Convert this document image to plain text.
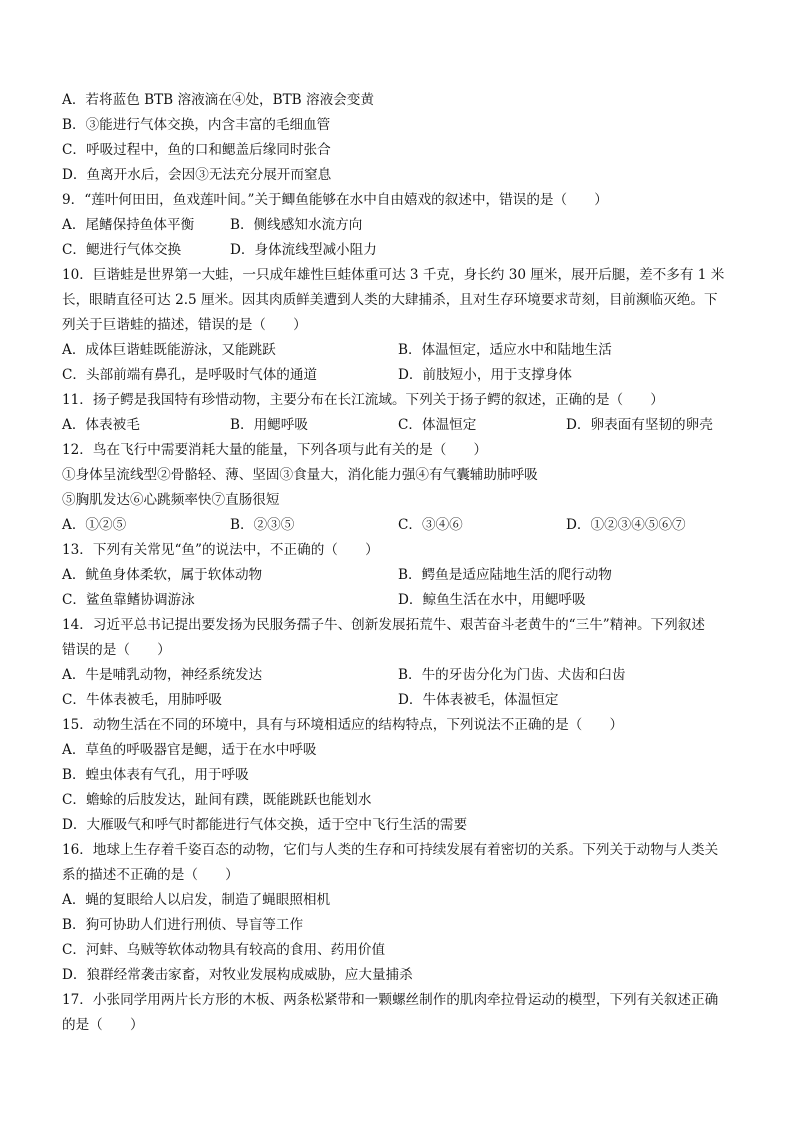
A．若将蓝色 BTB 溶液滴在④处，BTB 溶液会变黄
B．③能进行气体交换，内含丰富的毛细血管
C．呼吸过程中，鱼的口和鳃盖后缘同时张合
D．鱼离开水后，会因③无法充分展开而窒息
9．“莲叶何田田，鱼戏莲叶间。”关于鲫鱼能够在水中自由嬉戏的叙述中，错误的是（　　）
A．尾鳍保持鱼体平衡	B．侧线感知水流方向
C．鳃进行气体交换	D．身体流线型减小阻力
10．巨谐蛙是世界第一大蛙，一只成年雄性巨蛙体重可达 3 千克，身长约 30 厘米，展开后腿，差不多有 1 米
长，眼睛直径可达 2.5 厘米。因其肉质鲜美遭到人类的大肆捕杀，且对生存环境要求苛刻，目前濒临灭绝。下
列关于巨谐蛙的描述，错误的是（　　）
A．成体巨谐蛙既能游泳，又能跳跃	B．体温恒定，适应水中和陆地生活
C．头部前端有鼻孔，是呼吸时气体的通道	D．前肢短小，用于支撑身体
11．扬子鳄是我国特有珍惜动物，主要分布在长江流域。下列关于扬子鳄的叙述，正确的是（　　）
A．体表被毛	B．用鳃呼吸	C．体温恒定	D．卵表面有坚韧的卵壳
12．鸟在飞行中需要消耗大量的能量，下列各项与此有关的是（　　）
①身体呈流线型②骨骼轻、薄、坚固③食量大，消化能力强④有气囊辅助肺呼吸
⑤胸肌发达⑥心跳频率快⑦直肠很短
A．①②⑤	B．②③⑤	C．③④⑥	D．①②③④⑤⑥⑦
13．下列有关常见“鱼”的说法中，不正确的（　　）
A．鱿鱼身体柔软，属于软体动物	B．鳄鱼是适应陆地生活的爬行动物
C．鲨鱼靠鳍协调游泳	D．鲸鱼生活在水中，用鳃呼吸
14．习近平总书记提出要发扬为民服务孺子牛、创新发展拓荒牛、艰苦奋斗老黄牛的“三牛”精神。下列叙述
错误的是（　　）
A．牛是哺乳动物，神经系统发达	B．牛的牙齿分化为门齿、犬齿和臼齿
C．牛体表被毛，用肺呼吸	D．牛体表被毛，体温恒定
15．动物生活在不同的环境中，具有与环境相适应的结构特点，下列说法不正确的是（　　）
A．草鱼的呼吸器官是鳃，适于在水中呼吸
B．蝗虫体表有气孔，用于呼吸
C．蟾蜍的后肢发达，趾间有蹼，既能跳跃也能划水
D．大雁吸气和呼气时都能进行气体交换，适于空中飞行生活的需要
16．地球上生存着千姿百态的动物，它们与人类的生存和可持续发展有着密切的关系。下列关于动物与人类关
系的描述不正确的是（　　）
A．蝇的复眼给人以启发，制造了蝇眼照相机
B．狗可协助人们进行刑侦、导盲等工作
C．河蚌、乌贼等软体动物具有较高的食用、药用价值
D．狼群经常袭击家畜，对牧业发展构成威胁，应大量捕杀
17．小张同学用两片长方形的木板、两条松紧带和一颗螺丝制作的肌肉牵拉骨运动的模型，下列有关叙述正确
的是（　　）
